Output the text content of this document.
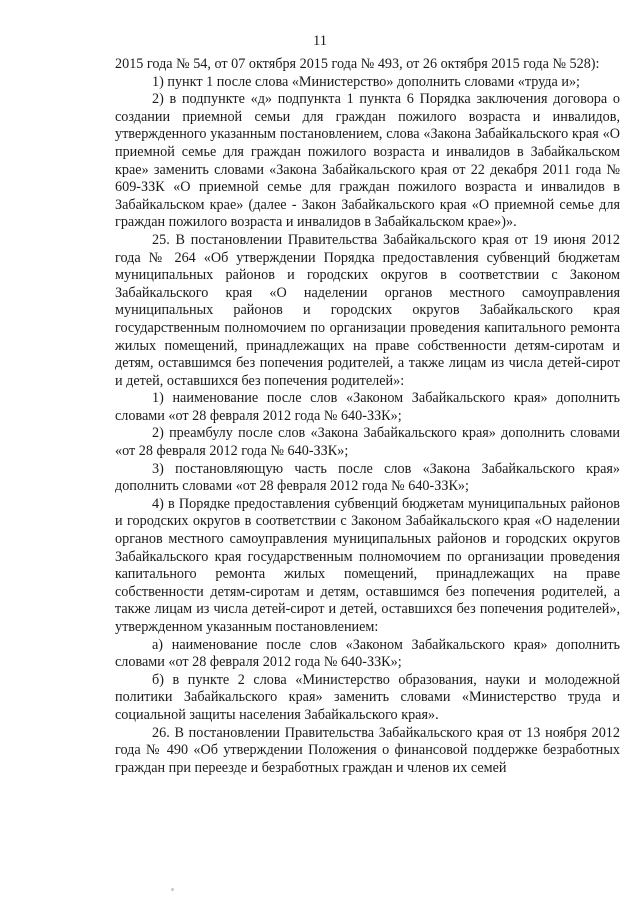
11

2015 года № 54, от 07 октября 2015 года № 493, от 26 октября 2015 года № 528):

1) пункт 1 после слова «Министерство» дополнить словами «труда и»;

2) в подпункте «д» подпункта 1 пункта 6 Порядка заключения договора о создании приемной семьи для граждан пожилого возраста и инвалидов, утвержденного указанным постановлением, слова «Закона Забайкальского края «О приемной семье для граждан пожилого возраста и инвалидов в Забайкальском крае» заменить словами «Закона Забайкальского края от 22 декабря 2011 года № 609-ЗЗК «О приемной семье для граждан пожилого возраста и инвалидов в Забайкальском крае» (далее - Закон Забайкальского края «О приемной семье для граждан пожилого возраста и инвалидов в Забайкальском крае»)».

25. В постановлении Правительства Забайкальского края от 19 июня 2012 года № 264 «Об утверждении Порядка предоставления субвенций бюджетам муниципальных районов и городских округов в соответствии с Законом Забайкальского края «О наделении органов местного самоуправления муниципальных районов и городских округов Забайкальского края государственным полномочием по организации проведения капитального ремонта жилых помещений, принадлежащих на праве собственности детям-сиротам и детям, оставшимся без попечения родителей, а также лицам из числа детей-сирот и детей, оставшихся без попечения родителей»:

1) наименование после слов «Законом Забайкальского края» дополнить словами «от 28 февраля 2012 года № 640-ЗЗК»;

2) преамбулу после слов «Закона Забайкальского края» дополнить словами «от 28 февраля 2012 года № 640-ЗЗК»;

3) постановляющую часть после слов «Закона Забайкальского края» дополнить словами «от 28 февраля 2012 года № 640-ЗЗК»;

4) в Порядке предоставления субвенций бюджетам муниципальных районов и городских округов в соответствии с Законом Забайкальского края «О наделении органов местного самоуправления муниципальных районов и городских округов Забайкальского края государственным полномочием по организации проведения капитального ремонта жилых помещений, принадлежащих на праве собственности детям-сиротам и детям, оставшимся без попечения родителей, а также лицам из числа детей-сирот и детей, оставшихся без попечения родителей», утвержденном указанным постановлением:

а) наименование после слов «Законом Забайкальского края» дополнить словами «от 28 февраля 2012 года № 640-ЗЗК»;

б) в пункте 2 слова «Министерство образования, науки и молодежной политики Забайкальского края» заменить словами «Министерство труда и социальной защиты населения Забайкальского края».

26. В постановлении Правительства Забайкальского края от 13 ноября 2012 года № 490 «Об утверждении Положения о финансовой поддержке безработных граждан при переезде и безработных граждан и членов их семей
